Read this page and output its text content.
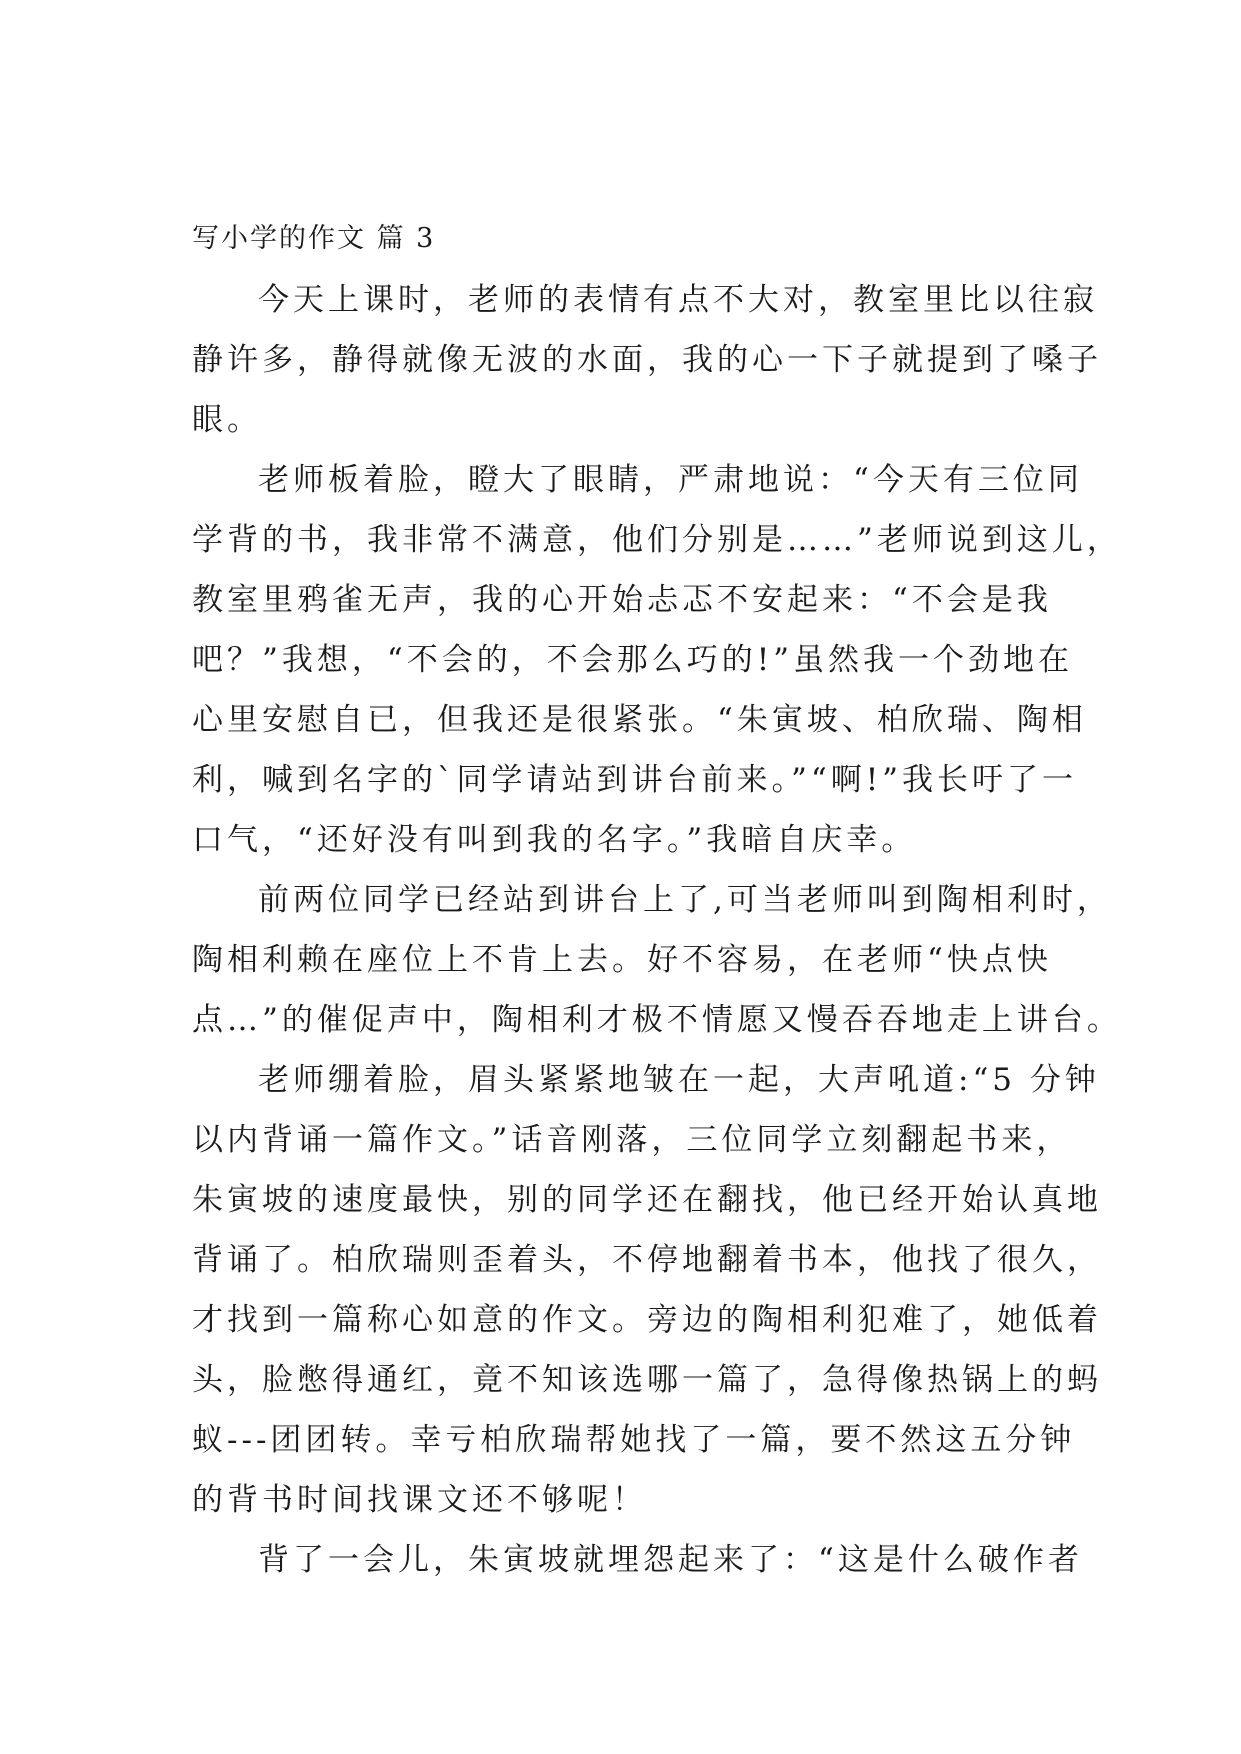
写小学的作文 篇 3
今天上课时，老师的表情有点不大对，教室里比以往寂
静许多，静得就像无波的水面，我的心一下子就提到了嗓子
眼。
老师板着脸，瞪大了眼睛，严肃地说：“今天有三位同
学背的书，我非常不满意，他们分别是……”老师说到这儿，
教室里鸦雀无声，我的心开始忐忑不安起来：“不会是我
吧？”我想，“不会的，不会那么巧的!”虽然我一个劲地在
心里安慰自已，但我还是很紧张。“朱寅坡、柏欣瑞、陶相
利，喊到名字的`同学请站到讲台前来。”“啊!”我长吁了一
口气，“还好没有叫到我的名字。”我暗自庆幸。
前两位同学已经站到讲台上了,可当老师叫到陶相利时，
陶相利赖在座位上不肯上去。好不容易，在老师“快点快
点…”的催促声中，陶相利才极不情愿又慢吞吞地走上讲台。
老师绷着脸，眉头紧紧地皱在一起，大声吼道:“5 分钟
以内背诵一篇作文。”话音刚落，三位同学立刻翻起书来，
朱寅坡的速度最快，别的同学还在翻找，他已经开始认真地
背诵了。柏欣瑞则歪着头，不停地翻着书本，他找了很久，
才找到一篇称心如意的作文。旁边的陶相利犯难了，她低着
头，脸憋得通红，竟不知该选哪一篇了，急得像热锅上的蚂
蚁---团团转。幸亏柏欣瑞帮她找了一篇，要不然这五分钟
的背书时间找课文还不够呢！
背了一会儿，朱寅坡就埋怨起来了：“这是什么破作者
